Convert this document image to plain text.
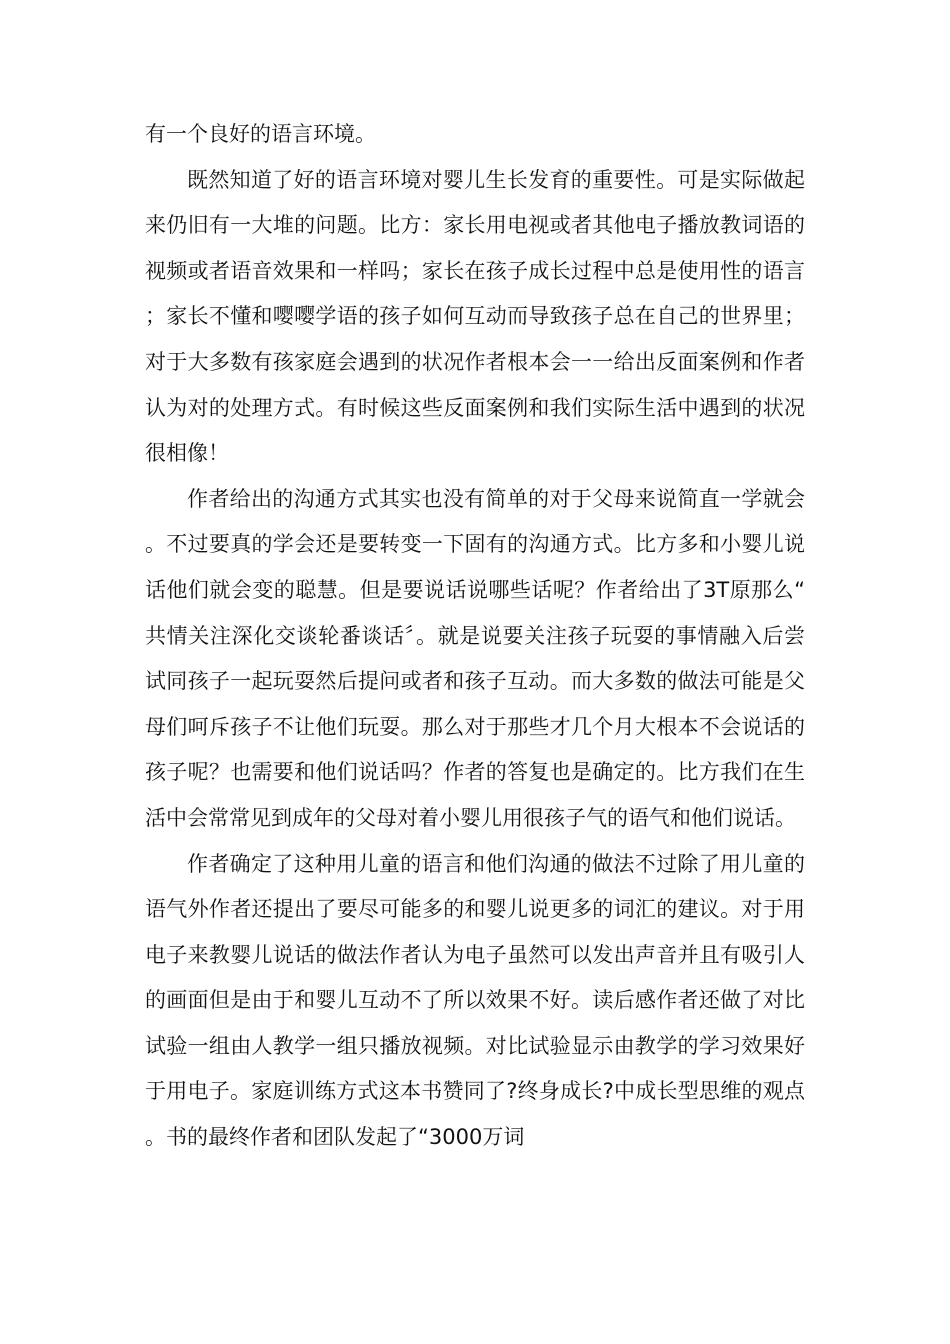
有一个良好的语言环境。

既然知道了好的语言环境对婴儿生长发育的重要性。可是实际做起来仍旧有一大堆的问题。比方：家长用电视或者其他电子播放教词语的视频或者语音效果和一样吗；家长在孩子成长过程中总是使用性的语言；家长不懂和嘤嘤学语的孩子如何互动而导致孩子总在自己的世界里；对于大多数有孩家庭会遇到的状况作者根本会一一给出反面案例和作者认为对的处理方式。有时候这些反面案例和我们实际生活中遇到的状况很相像！

作者给出的沟通方式其实也没有简单的对于父母来说简直一学就会。不过要真的学会还是要转变一下固有的沟通方式。比方多和小婴儿说话他们就会变的聪慧。但是要说话说哪些话呢？作者给出了3T原那么“共情关注深化交谈轮番谈话〞。就是说要关注孩子玩耍的事情融入后尝试同孩子一起玩耍然后提问或者和孩子互动。而大多数的做法可能是父母们呵斥孩子不让他们玩耍。那么对于那些才几个月大根本不会说话的孩子呢？也需要和他们说话吗？作者的答复也是确定的。比方我们在生活中会常常见到成年的父母对着小婴儿用很孩子气的语气和他们说话。

作者确定了这种用儿童的语言和他们沟通的做法不过除了用儿童的语气外作者还提出了要尽可能多的和婴儿说更多的词汇的建议。对于用电子来教婴儿说话的做法作者认为电子虽然可以发出声音并且有吸引人的画面但是由于和婴儿互动不了所以效果不好。读后感作者还做了对比试验一组由人教学一组只播放视频。对比试验显示由教学的学习效果好于用电子。家庭训练方式这本书赞同了?终身成长?中成长型思维的观点。书的最终作者和团队发起了“3000万词
